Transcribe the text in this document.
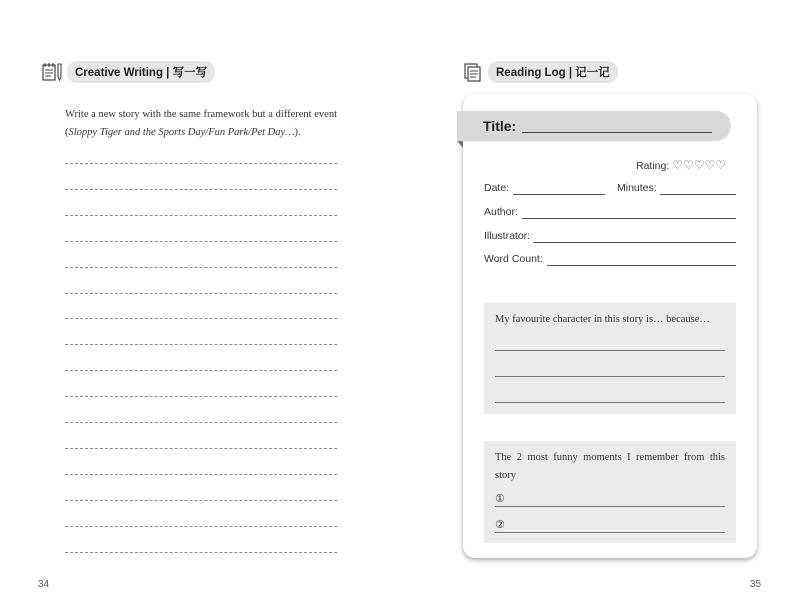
Creative Writing | 写一写
Write a new story with the same framework but a different event (Sloppy Tiger and the Sports Day/Fun Park/Pet Day…).
34
Reading Log | 记一记
Title:
Rating: ♡♡♡♡♡
Date:	Minutes:
Author:
Illustrator:
Word Count:
My favourite character in this story is… because…
The 2 most funny moments I remember from this story
①
②
35
